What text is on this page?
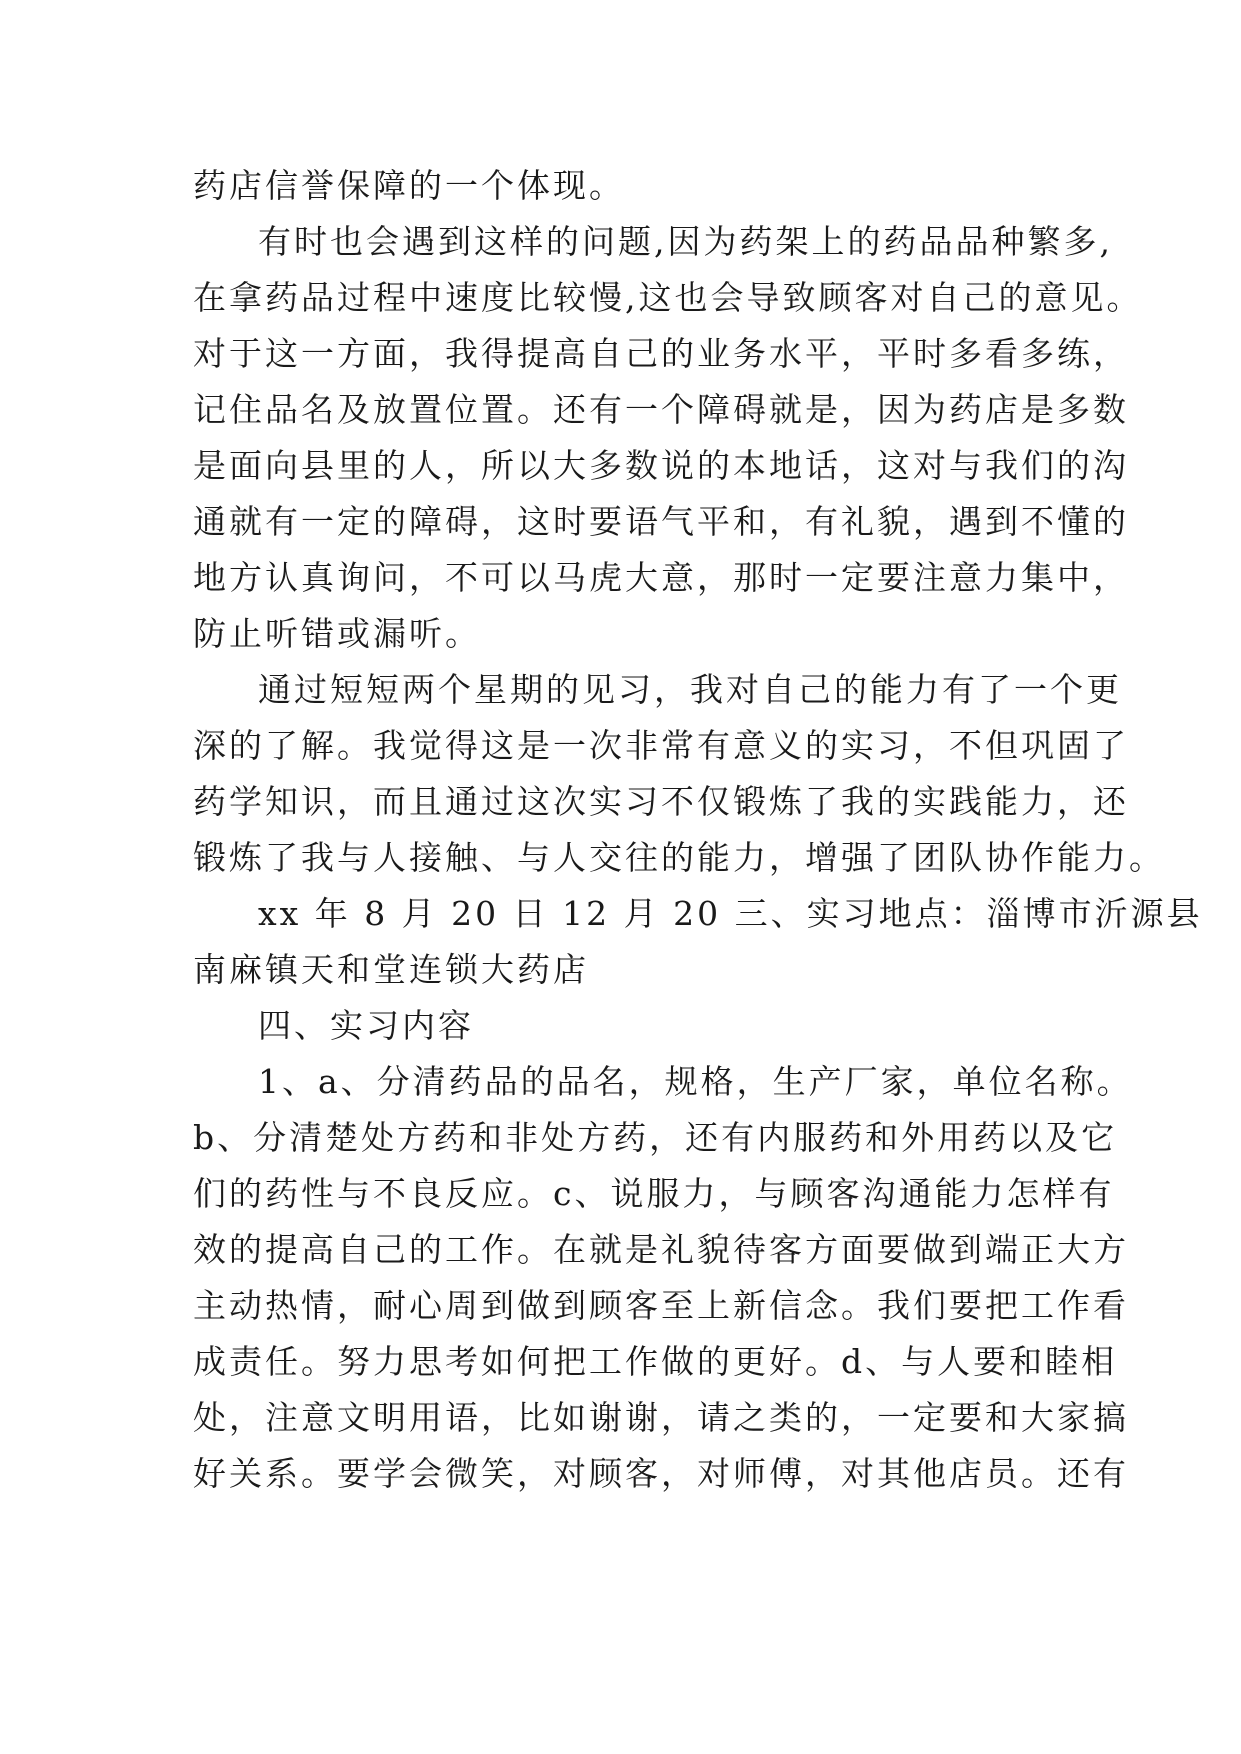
药店信誉保障的一个体现。
有时也会遇到这样的问题,因为药架上的药品品种繁多,
在拿药品过程中速度比较慢,这也会导致顾客对自己的意见。
对于这一方面，我得提高自己的业务水平，平时多看多练，
记住品名及放置位置。还有一个障碍就是，因为药店是多数
是面向县里的人，所以大多数说的本地话，这对与我们的沟
通就有一定的障碍，这时要语气平和，有礼貌，遇到不懂的
地方认真询问，不可以马虎大意，那时一定要注意力集中，
防止听错或漏听。
通过短短两个星期的见习，我对自己的能力有了一个更
深的了解。我觉得这是一次非常有意义的实习，不但巩固了
药学知识，而且通过这次实习不仅锻炼了我的实践能力，还
锻炼了我与人接触、与人交往的能力，增强了团队协作能力。
xx 年 8 月 20 日 12 月 20 三、实习地点：淄博市沂源县
南麻镇天和堂连锁大药店
四、实习内容
1、a、分清药品的品名，规格，生产厂家，单位名称。
b、分清楚处方药和非处方药，还有内服药和外用药以及它
们的药性与不良反应。c、说服力，与顾客沟通能力怎样有
效的提高自己的工作。在就是礼貌待客方面要做到端正大方
主动热情，耐心周到做到顾客至上新信念。我们要把工作看
成责任。努力思考如何把工作做的更好。d、与人要和睦相
处，注意文明用语，比如谢谢，请之类的，一定要和大家搞
好关系。要学会微笑，对顾客，对师傅，对其他店员。还有
